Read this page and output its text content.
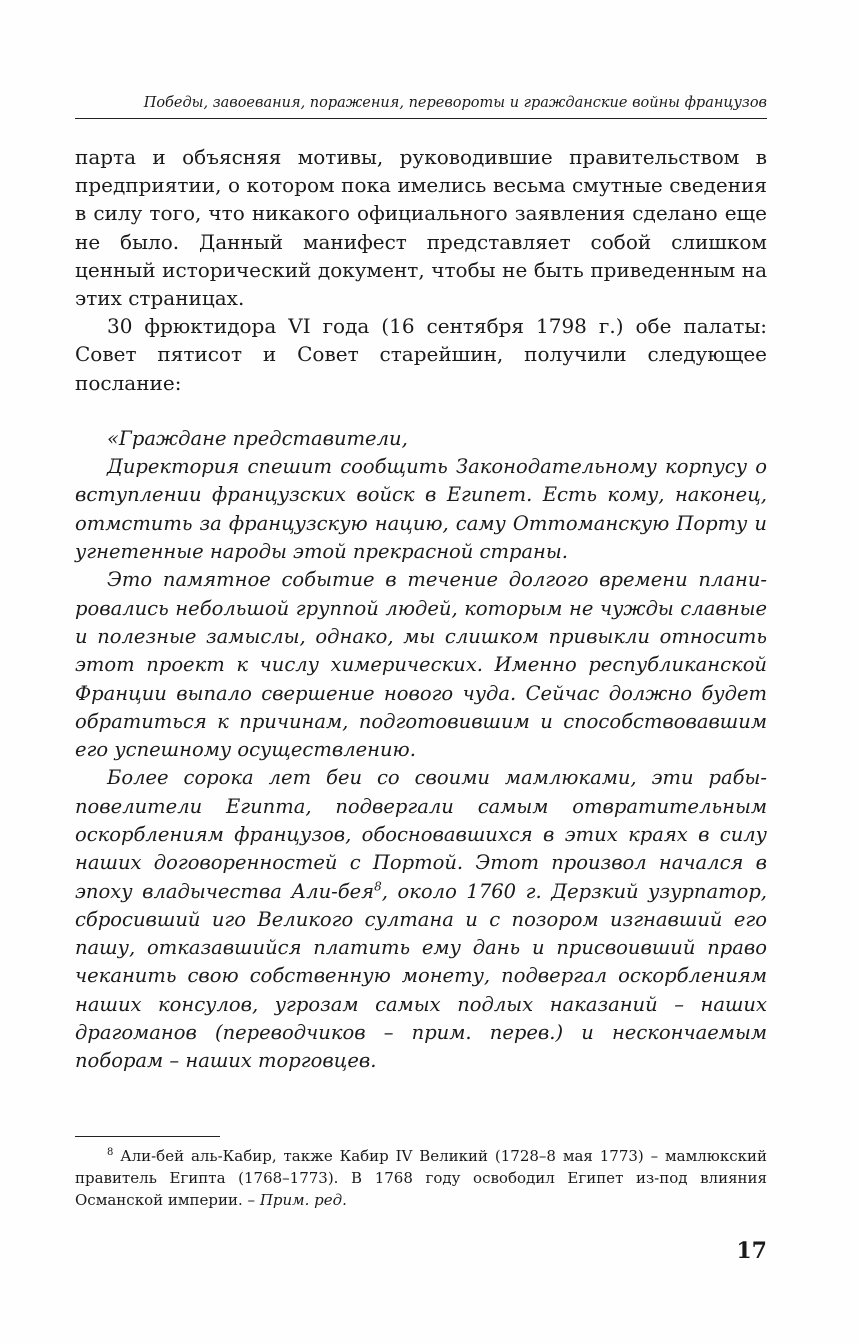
Победы, завоевания, поражения, перевороты и гражданские войны французов

парта и объясняя мотивы, руководившие правительством в предприятии, о котором пока имелись весьма смутные сведения в силу того, что никакого официального заявления сделано еще не было. Данный манифест представляет собой слишком ценный исторический документ, чтобы не быть приведенным на этих страницах.

30 фрюктидора VI года (16 сентября 1798 г.) обе палаты: Совет пятисот и Совет старейшин, получили следующее послание:

«Граждане представители,

Директория спешит сообщить Законодательному корпусу о вступлении французских войск в Египет. Есть кому, наконец, отмстить за французскую нацию, саму Оттоманскую Порту и угнетенные народы этой прекрасной страны.

Это памятное событие в течение долгого времени планировались небольшой группой людей, которым не чужды славные и полезные замыслы, однако, мы слишком привыкли относить этот проект к числу химерических. Именно республиканской Франции выпало свершение нового чуда. Сейчас должно будет обратиться к причинам, подготовившим и способствовавшим его успешному осуществлению.

Более сорока лет беи со своими мамлюками, эти рабыповелители Египта, подвергали самым отвратительным оскорблениям французов, обосновавшихся в этих краях в силу наших договоренностей с Портой. Этот произвол начался в эпоху владычества Али-бея$^8$, около 1760 г. Дерзкий узурпатор, сбросивший иго Великого султана и с позором изгнавший его пашу, отказавшийся платить ему дань и присвоивший право чеканить свою собственную монету, подвергал оскорблениям наших консулов, угрозам самых подлых наказаний – наших драгоманов (переводчиков – прим. перев.) и нескончаемым поборам – наших торговцев.

$^8$ Али-бей аль-Кабир, также Кабир IV Великий (1728–8 мая 1773) – мамлюкский правитель Египта (1768–1773). В 1768 году освободил Египет из-под влияния Османской империи. – Прим. ред.

17
